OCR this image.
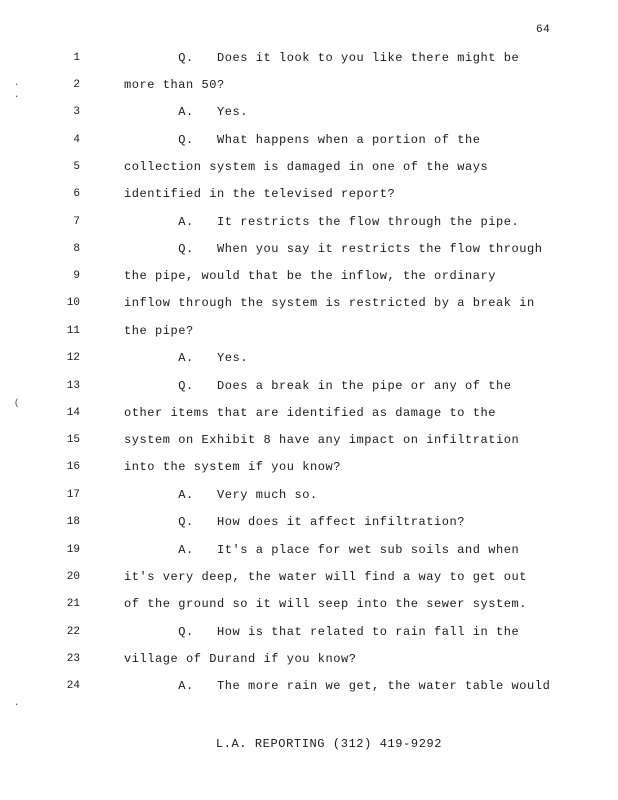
64
1	Q.   Does it look to you like there might be
2	more than 50?
3	A.   Yes.
4	Q.   What happens when a portion of the
5	collection system is damaged in one of the ways
6	identified in the televised report?
7	A.   It restricts the flow through the pipe.
8	Q.   When you say it restricts the flow through
9	the pipe, would that be the inflow, the ordinary
10	inflow through the system is restricted by a break in
11	the pipe?
12	A.   Yes.
13	Q.   Does a break in the pipe or any of the
14	other items that are identified as damage to the
15	system on Exhibit 8 have any impact on infiltration
16	into the system if you know?
17	A.   Very much so.
18	Q.   How does it affect infiltration?
19	A.   It's a place for wet sub soils and when
20	it's very deep, the water will find a way to get out
21	of the ground so it will seep into the sewer system.
22	Q.   How is that related to rain fall in the
23	village of Durand if you know?
24	A.   The more rain we get, the water table would
·
·
(
·
L.A. REPORTING (312) 419-9292
